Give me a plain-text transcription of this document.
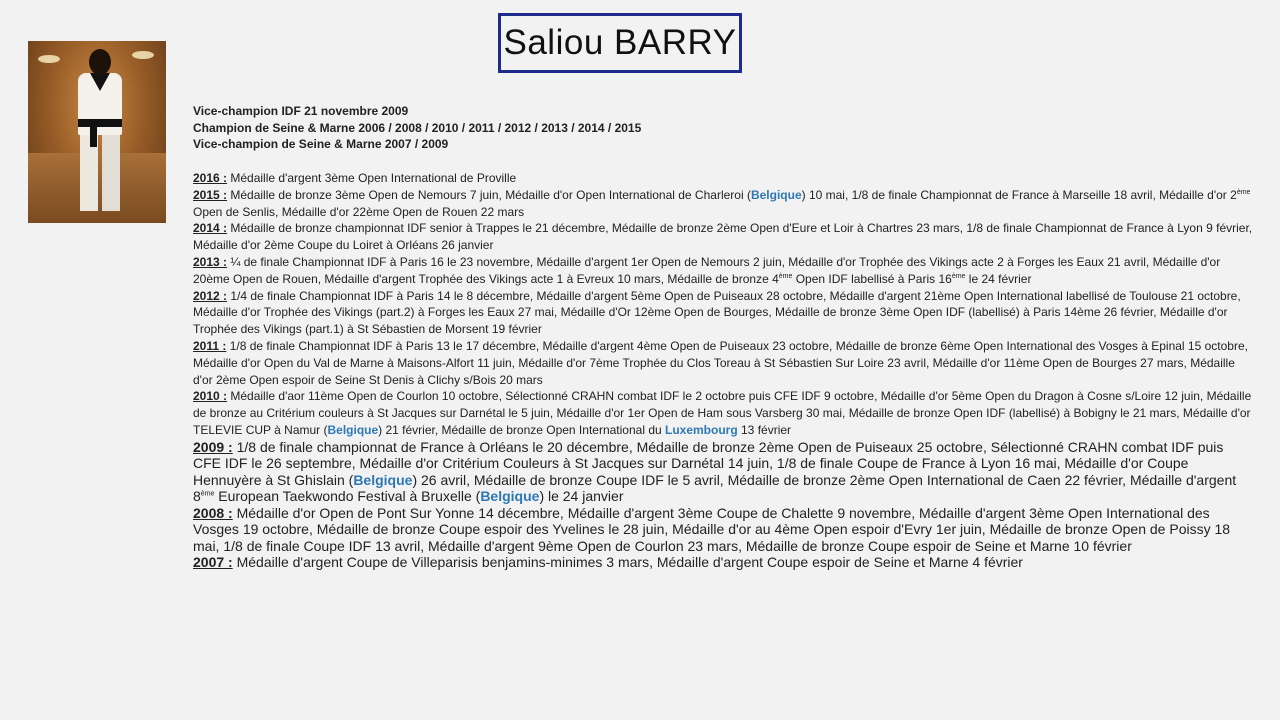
Saliou BARRY
Vice-champion IDF 21 novembre 2009
Champion de Seine & Marne 2006 / 2008 / 2010 / 2011 / 2012 / 2013 / 2014 / 2015
Vice-champion de Seine & Marne 2007 / 2009

2016 : Médaille d'argent 3ème Open International de Proville

2015 : Médaille de bronze 3ème Open de Nemours 7 juin, Médaille d'or Open International de Charleroi (Belgique) 10 mai, 1/8 de finale Championnat de France à Marseille 18 avril, Médaille d'or 2ème Open de Senlis, Médaille d'or 22ème Open de Rouen 22 mars

2014 : Médaille de bronze championnat IDF senior à Trappes le 21 décembre, Médaille de bronze 2ème Open d'Eure et Loir à Chartres 23 mars, 1/8 de finale Championnat de France à Lyon 9 février, Médaille d'or 2ème Coupe du Loiret à Orléans 26 janvier

2013 : ¼ de finale Championnat IDF à Paris 16 le 23 novembre, Médaille d'argent 1er Open de Nemours 2 juin, Médaille d'or Trophée des Vikings acte 2 à Forges les Eaux 21 avril, Médaille d'or 20ème Open de Rouen, Médaille d'argent Trophée des Vikings acte 1 à Evreux 10 mars, Médaille de bronze 4ème Open IDF labellisé à Paris 16ème le 24 février

2012 : 1/4 de finale Championnat IDF à Paris 14 le 8 décembre, Médaille d'argent 5ème Open de Puiseaux 28 octobre, Médaille d'argent 21ème Open International labellisé de Toulouse 21 octobre, Médaille d'or Trophée des Vikings (part.2) à Forges les Eaux 27 mai, Médaille d'Or 12ème Open de Bourges, Médaille de bronze 3ème Open IDF (labellisé) à Paris 14ème 26 février, Médaille d'or Trophée des Vikings (part.1) à St Sébastien de Morsent 19 février

2011 : 1/8 de finale Championnat IDF à Paris 13 le 17 décembre, Médaille d'argent 4ème Open de Puiseaux 23 octobre, Médaille de bronze 6ème Open International des Vosges à Epinal 15 octobre, Médaille d'or Open du Val de Marne à Maisons-Alfort 11 juin, Médaille d'or 7ème Trophée du Clos Toreau à St Sébastien Sur Loire 23 avril, Médaille d'or 11ème Open de Bourges 27 mars, Médaille d'or 2ème Open espoir de Seine St Denis à Clichy s/Bois 20 mars

2010 : Médaille d'aor 11ème Open de Courlon 10 octobre, Sélectionné CRAHN combat IDF le 2 octobre puis CFE IDF 9 octobre, Médaille d'or 5ème Open du Dragon à Cosne s/Loire 12 juin, Médaille de bronze au Critérium couleurs à St Jacques sur Darnétal le 5 juin, Médaille d'or 1er Open de Ham sous Varsberg 30 mai, Médaille de bronze Open IDF (labellisé) à Bobigny le 21 mars, Médaille d'or TELEVIE CUP à Namur (Belgique) 21 février, Médaille de bronze Open International du Luxembourg 13 février

2009 : 1/8 de finale championnat de France à Orléans le 20 décembre, Médaille de bronze 2ème Open de Puiseaux 25 octobre, Sélectionné CRAHN combat IDF puis CFE IDF le 26 septembre, Médaille d'or Critérium Couleurs à St Jacques sur Darnétal 14 juin, 1/8 de finale Coupe de France à Lyon 16 mai, Médaille d'or Coupe Hennuyère à St Ghislain (Belgique) 26 avril, Médaille de bronze Coupe IDF le 5 avril, Médaille de bronze 2ème Open International de Caen 22 février, Médaille d'argent 8ème European Taekwondo Festival à Bruxelle (Belgique) le 24 janvier

2008 : Médaille d'or Open de Pont Sur Yonne 14 décembre, Médaille d'argent 3ème Coupe de Chalette 9 novembre, Médaille d'argent 3ème Open International des Vosges 19 octobre, Médaille de bronze Coupe espoir des Yvelines le 28 juin, Médaille d'or au 4ème Open espoir d'Evry 1er juin, Médaille de bronze Open de Poissy 18 mai, 1/8 de finale Coupe IDF 13 avril, Médaille d'argent 9ème Open de Courlon 23 mars, Médaille de bronze Coupe espoir de Seine et Marne 10 février

2007 : Médaille d'argent Coupe de Villeparisis benjamins-minimes 3 mars, Médaille d'argent Coupe espoir de Seine et Marne 4 février
